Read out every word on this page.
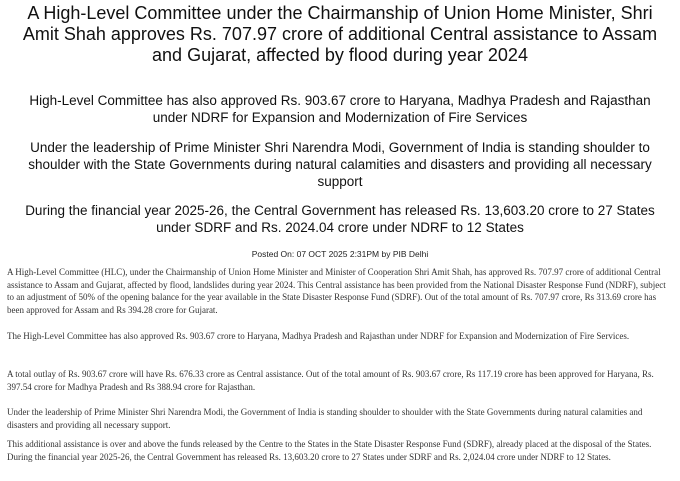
A High-Level Committee under the Chairmanship of Union Home Minister, Shri Amit Shah approves Rs. 707.97 crore of additional Central assistance to Assam and Gujarat, affected by flood during year 2024
High-Level Committee has also approved Rs. 903.67 crore to Haryana, Madhya Pradesh and Rajasthan under NDRF for Expansion and Modernization of Fire Services
Under the leadership of Prime Minister Shri Narendra Modi, Government of India is standing shoulder to shoulder with the State Governments during natural calamities and disasters and providing all necessary support
During the financial year 2025-26, the Central Government has released Rs. 13,603.20 crore to 27 States under SDRF and Rs. 2024.04 crore under NDRF to 12 States
Posted On: 07 OCT 2025 2:31PM by PIB Delhi

A High-Level Committee (HLC), under the Chairmanship of Union Home Minister and Minister of Cooperation Shri Amit Shah, has approved Rs. 707.97 crore of additional Central assistance to Assam and Gujarat, affected by flood, landslides during year 2024. This Central assistance has been provided from the National Disaster Response Fund (NDRF), subject to an adjustment of 50% of the opening balance for the year available in the State Disaster Response Fund (SDRF). Out of the total amount of Rs. 707.97 crore, Rs 313.69 crore has been approved for Assam and Rs 394.28 crore for Gujarat.

The High-Level Committee has also approved Rs. 903.67 crore to Haryana, Madhya Pradesh and Rajasthan under NDRF for Expansion and Modernization of Fire Services.

A total outlay of Rs. 903.67 crore will have Rs. 676.33 crore as Central assistance. Out of the total amount of Rs. 903.67 crore, Rs 117.19 crore has been approved for Haryana, Rs. 397.54 crore for Madhya Pradesh and Rs 388.94 crore for Rajasthan.

Under the leadership of Prime Minister Shri Narendra Modi, the Government of India is standing shoulder to shoulder with the State Governments during natural calamities and disasters and providing all necessary support.

This additional assistance is over and above the funds released by the Centre to the States in the State Disaster Response Fund (SDRF), already placed at the disposal of the States. During the financial year 2025-26, the Central Government has released Rs. 13,603.20 crore to 27 States under SDRF and Rs. 2,024.04 crore under NDRF to 12 States.
